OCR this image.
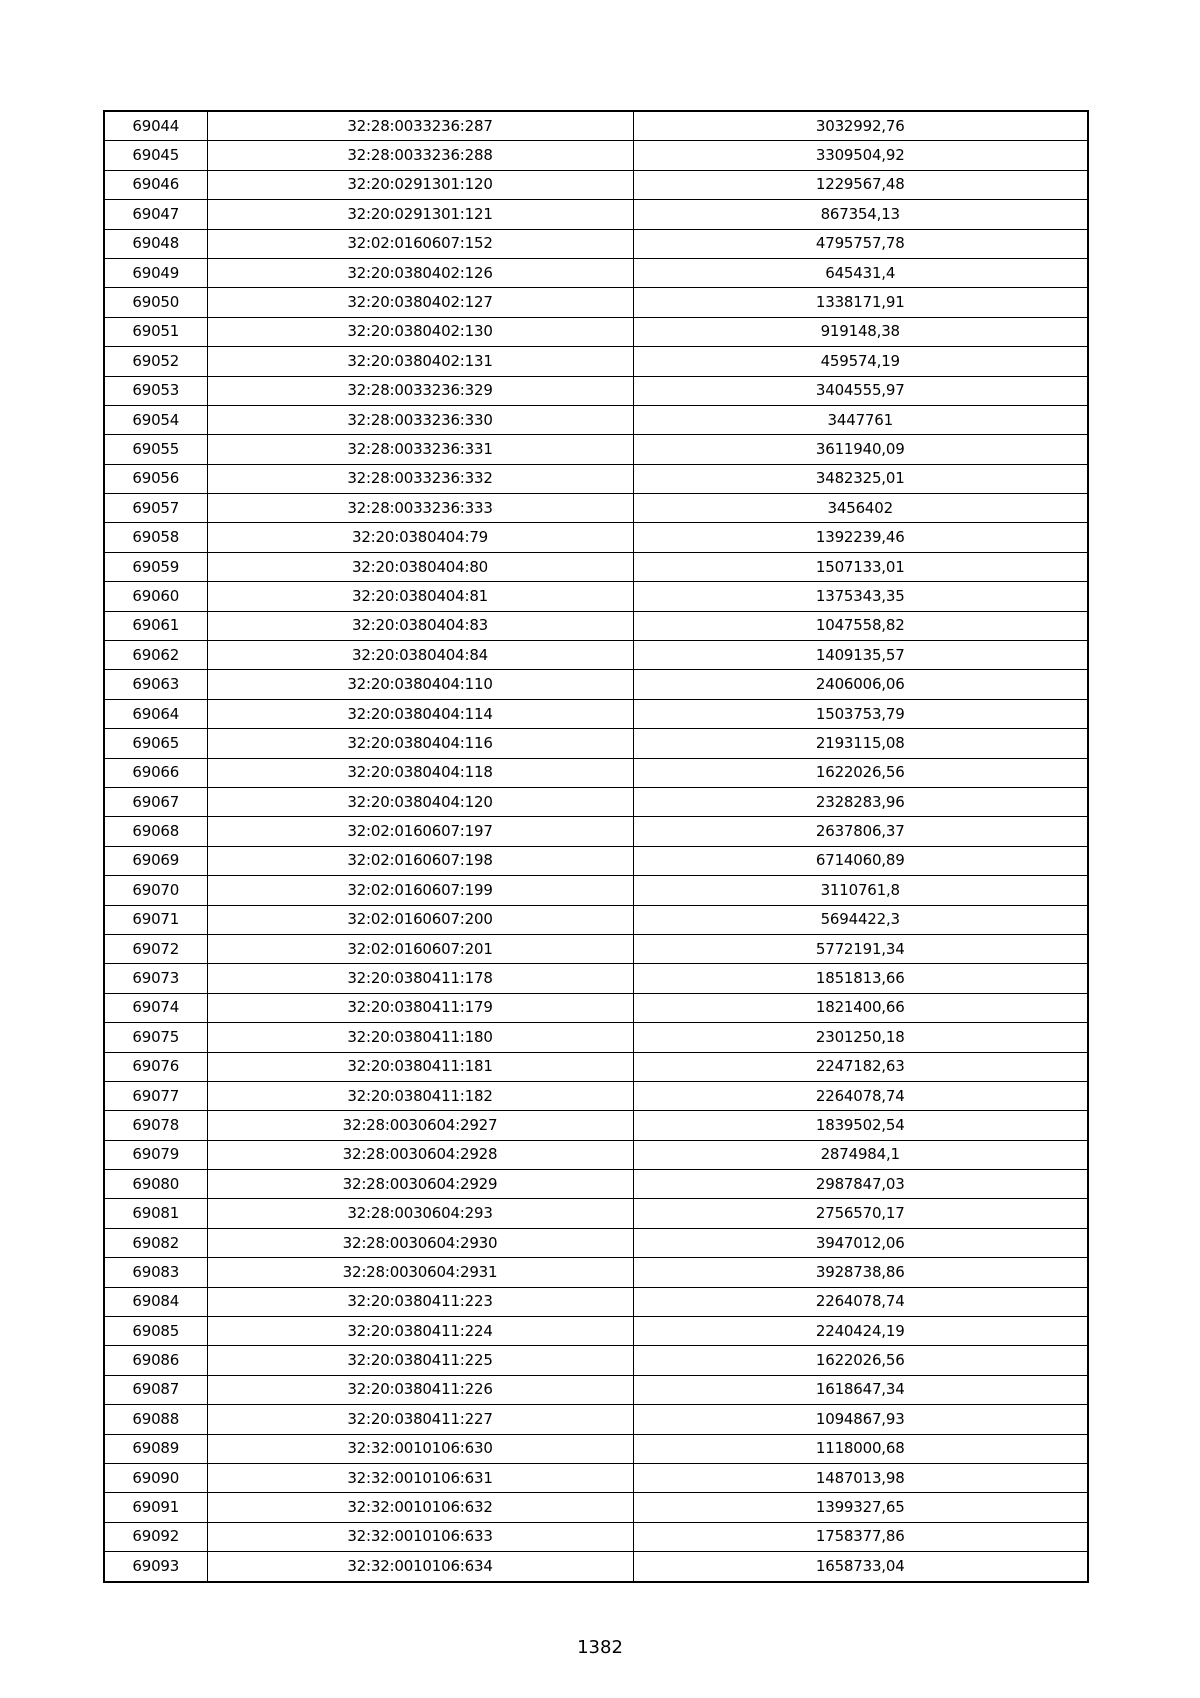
69044	32:28:0033236:287	3032992,76
69045	32:28:0033236:288	3309504,92
69046	32:20:0291301:120	1229567,48
69047	32:20:0291301:121	867354,13
69048	32:02:0160607:152	4795757,78
69049	32:20:0380402:126	645431,4
69050	32:20:0380402:127	1338171,91
69051	32:20:0380402:130	919148,38
69052	32:20:0380402:131	459574,19
69053	32:28:0033236:329	3404555,97
69054	32:28:0033236:330	3447761
69055	32:28:0033236:331	3611940,09
69056	32:28:0033236:332	3482325,01
69057	32:28:0033236:333	3456402
69058	32:20:0380404:79	1392239,46
69059	32:20:0380404:80	1507133,01
69060	32:20:0380404:81	1375343,35
69061	32:20:0380404:83	1047558,82
69062	32:20:0380404:84	1409135,57
69063	32:20:0380404:110	2406006,06
69064	32:20:0380404:114	1503753,79
69065	32:20:0380404:116	2193115,08
69066	32:20:0380404:118	1622026,56
69067	32:20:0380404:120	2328283,96
69068	32:02:0160607:197	2637806,37
69069	32:02:0160607:198	6714060,89
69070	32:02:0160607:199	3110761,8
69071	32:02:0160607:200	5694422,3
69072	32:02:0160607:201	5772191,34
69073	32:20:0380411:178	1851813,66
69074	32:20:0380411:179	1821400,66
69075	32:20:0380411:180	2301250,18
69076	32:20:0380411:181	2247182,63
69077	32:20:0380411:182	2264078,74
69078	32:28:0030604:2927	1839502,54
69079	32:28:0030604:2928	2874984,1
69080	32:28:0030604:2929	2987847,03
69081	32:28:0030604:293	2756570,17
69082	32:28:0030604:2930	3947012,06
69083	32:28:0030604:2931	3928738,86
69084	32:20:0380411:223	2264078,74
69085	32:20:0380411:224	2240424,19
69086	32:20:0380411:225	1622026,56
69087	32:20:0380411:226	1618647,34
69088	32:20:0380411:227	1094867,93
69089	32:32:0010106:630	1118000,68
69090	32:32:0010106:631	1487013,98
69091	32:32:0010106:632	1399327,65
69092	32:32:0010106:633	1758377,86
69093	32:32:0010106:634	1658733,04
1382
